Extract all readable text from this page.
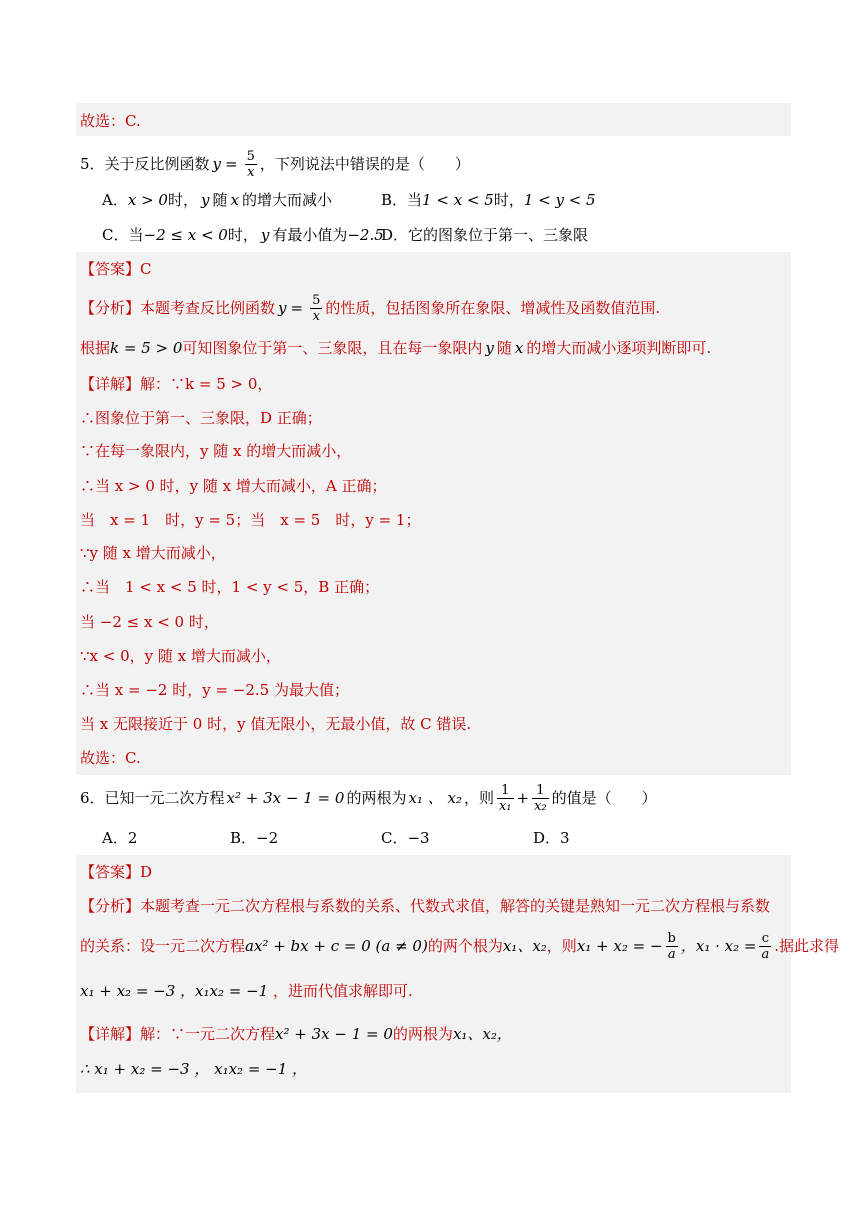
故选：C.
5．关于反比例函数 $y = \frac{5}{x}$ ，下列说法中错误的是（　　）
A．x > 0时， y 随 x 的增大而减小	B．当1 < x < 5时，1 < y < 5
C．当−2 ≤ x < 0时， y 有最小值为−2.5
D．它的图象位于第一、三象限
【答案】C
【分析】 本题考查反比例函数 $y = \frac{5}{x}$ 的性质，包括图象所在象限、增减性及函数值范围.
根据k = 5 > 0可知图象位于第一、三象限，且在每一象限内 y 随 x 的增大而减小逐项判断即可.
【详解】解：∵k = 5 > 0，
∴图象位于第一、三象限，D 正确；
∵在每一象限内，y 随 x 的增大而减小，
∴当 x > 0 时，y 随 x 增大而减小，A 正确；
当　x = 1　时，y = 5；当　x = 5　时，y = 1；
∵y 随 x 增大而减小，
∴当　1 < x < 5 时，1 < y < 5，B 正确；
当 −2 ≤ x < 0 时，
∵x < 0，y 随 x 增大而减小，
∴当 x = −2 时，y = −2.5 为最大值；
当 x 无限接近于 0 时，y 值无限小，无最小值，故 C 错误.
故选：C.
6．已知一元二次方程 x² + 3x − 1 = 0 的两根为 x₁ 、 x₂ ，则 $\frac{1}{\text{x₁}} + \frac{1}{\text{x₂}}$ 的值是（　　）
A．2	B．−2	C．−3	D．3
【答案】D
【分析】本题考查一元二次方程根与系数的关系、代数式求值，解答的关键是熟知一元二次方程根与系数
的关系：设一元二次方程 ax² + bx + c = 0 (a ≠ 0) 的两个根为 x₁、x₂ ，则 x₁ + x₂ = − $\frac{b}{a}$ ，$x_1 \cdot x_2 = \frac{c}{a}$ .据此求得
x₁ + x₂ = −3 ，x₁x₂ = −1 ，进而代值求解即可.
【详解】解：∵一元二次方程x² + 3x − 1 = 0的两根为x₁、x₂，
∴ x₁ + x₂ = −3 ， x₁x₂ = −1 ，
